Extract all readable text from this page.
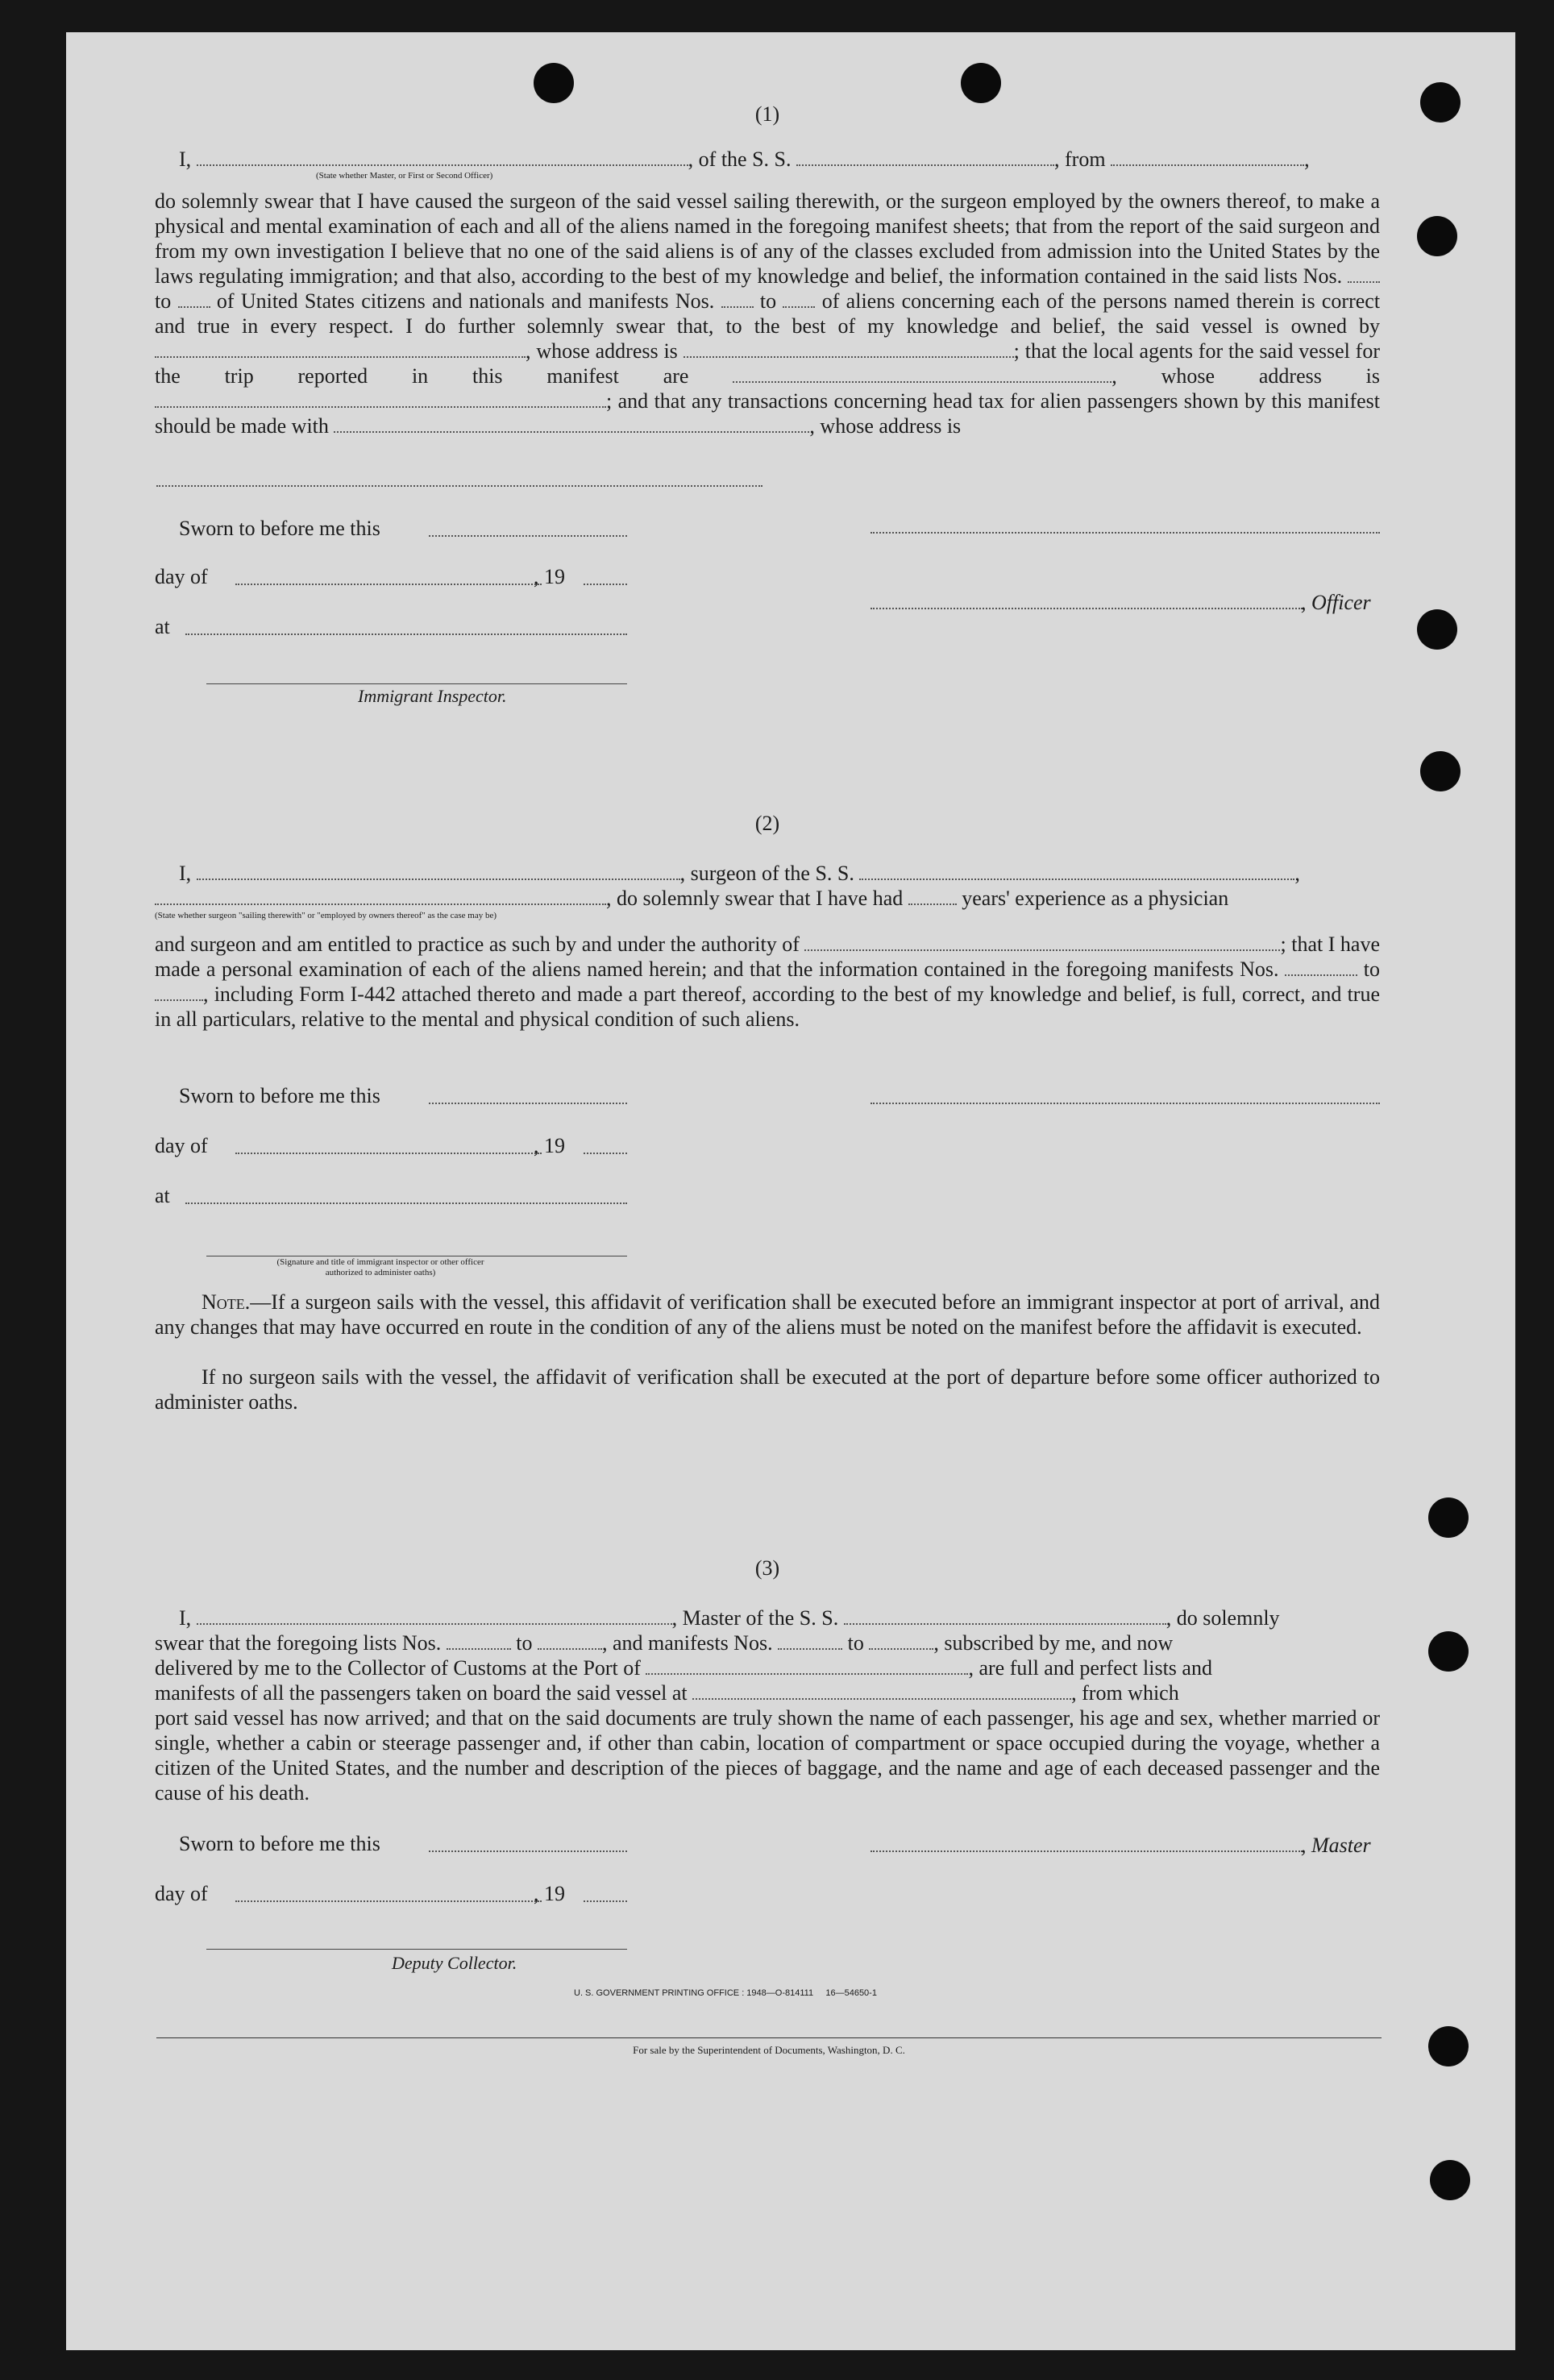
(1)
I,	, of the S. S.	, from	,
(State whether Master, or First or Second Officer)

do solemnly swear that I have caused the surgeon of the said vessel sailing therewith, or the surgeon employed by the owners thereof, to make a physical and mental examination of each and all of the aliens named in the foregoing manifest sheets; that from the report of the said surgeon and from my own investigation I believe that no one of the said aliens is of any of the classes excluded from admission into the United States by the laws regulating immigration; and that also, according to the best of my knowledge and belief, the information contained in the said lists Nos.  to of United States citizens and nationals and manifests Nos. to of aliens concerning each of the persons named therein is correct and true in every respect. I do further solemnly swear that, to the best of my knowledge and belief, the said vessel is owned by , whose address is	; that the local agents for the said vessel for the trip reported in this manifest are	, whose address is ; and that any transactions concerning head tax for alien passengers shown by this manifest should be made with	, whose address is

Sworn to before me this
day of	, 19
, Officer
at
Immigrant Inspector.
(2)
I,	, surgeon of the S. S.	,
, do solemnly swear that I have had	years' experience as a physician
(State whether surgeon "sailing therewith" or "employed by owners thereof" as the case may be)

and surgeon and am entitled to practice as such by and under the authority of	; that I have made a personal examination of each of the aliens named herein; and that the information contained in the foregoing manifests Nos.	to , including Form I-442 attached thereto and made a part thereof, according to the best of my knowledge and belief, is full, correct, and true in all particulars, relative to the mental and physical condition of such aliens.

Sworn to before me this
day of	, 19
at
(Signature and title of immigrant inspector or other officer authorized to administer oaths)
Note.—If a surgeon sails with the vessel, this affidavit of verification shall be executed before an immigrant inspector at port of arrival, and any changes that may have occurred en route in the condition of any of the aliens must be noted on the manifest before the affidavit is executed.
If no surgeon sails with the vessel, the affidavit of verification shall be executed at the port of departure before some officer authorized to administer oaths.
(3)
I,	, Master of the S. S.	, do solemnly
swear that the foregoing lists Nos.	to	, and manifests Nos.	to	, subscribed by me, and now
delivered by me to the Collector of Customs at the Port of	, are full and perfect lists and
manifests of all the passengers taken on board the said vessel at	, from which

port said vessel has now arrived; and that on the said documents are truly shown the name of each passenger, his age and sex, whether married or single, whether a cabin or steerage passenger and, if other than cabin, location of compartment or space occupied during the voyage, whether a citizen of the United States, and the number and description of the pieces of baggage, and the name and age of each deceased passenger and the cause of his death.

Sworn to before me this	, Master
day of	, 19
Deputy Collector.
U. S. GOVERNMENT PRINTING OFFICE : 1948—O-814111     16—54650-1
For sale by the Superintendent of Documents, Washington, D. C.
